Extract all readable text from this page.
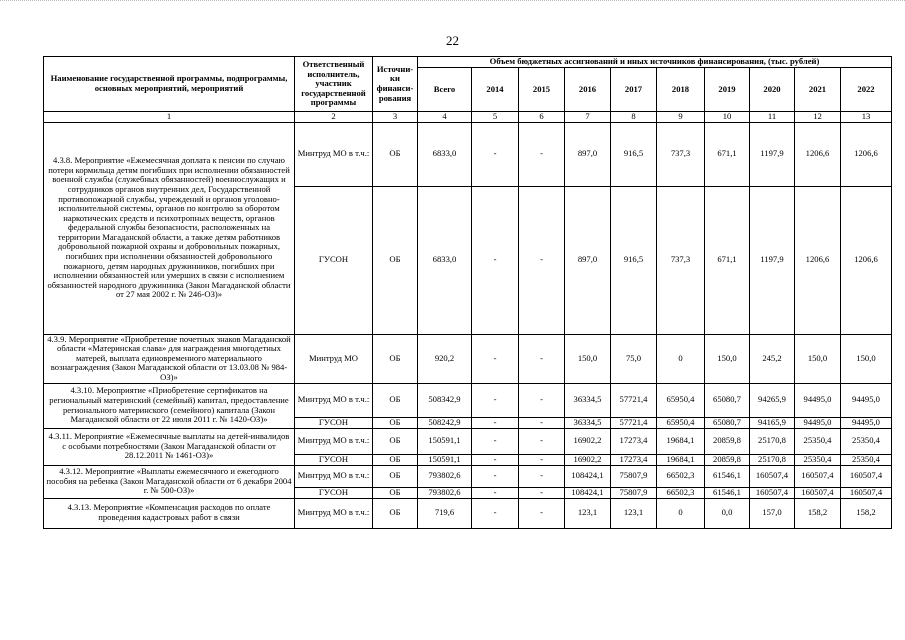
22
Наименование государственной программы, подпрограммы, основных мероприятий, мероприятий	Ответственный исполнитель, участник государственной программы	Источни-ки финанси-рования	Объем бюджетных ассигнований и иных источников финансирования, (тыс. рублей)									
			Всего	2014	2015	2016	2017	2018	2019	2020	2021	2022
1	2	3	4	5	6	7	8	9	10	11	12	13
4.3.8. Мероприятие «Ежемесячная доплата к пенсии по случаю потери кормильца детям погибших при исполнении обязанностей военной службы (служебных обязанностей) военнослужащих и сотрудников органов внутренних дел, Государственной противопожарной службы, учреждений и органов уголовно-исполнительной системы, органов по контролю за оборотом наркотических средств и психотропных веществ, органов федеральной службы безопасности, расположенных на территории Магаданской области, а также детям работников добровольной пожарной охраны и добровольных пожарных, погибших при исполнении обязанностей добровольного пожарного, детям народных дружинников, погибших при исполнении обязанностей или умерших в связи с исполнением обязанностей народного дружинника (Закон Магаданской области от 27 мая 2002 г. № 246-ОЗ)»	Минтруд МО в т.ч.:	ОБ	6833,0	-	-	897,0	916,5	737,3	671,1	1197,9	1206,6	1206,6
	ГУСОН	ОБ	6833,0	-	-	897,0	916,5	737,3	671,1	1197,9	1206,6	1206,6
4.3.9. Мероприятие «Приобретение почетных знаков Магаданской области «Материнская слава» для награждения многодетных матерей, выплата единовременного материального вознаграждения (Закон Магаданской области от 13.03.08 № 984-ОЗ)»	Минтруд МО	ОБ	920,2	-	-	150,0	75,0	0	150,0	245,2	150,0	150,0
4.3.10. Мероприятие «Приобретение сертификатов на региональный материнский (семейный) капитал, предоставление регионального материнского (семейного) капитала (Закон Магаданской области от 22 июля 2011 г. № 1420-ОЗ)»	Минтруд МО в т.ч.:	ОБ	508342,9	-	-	36334,5	57721,4	65950,4	65080,7	94265,9	94495,0	94495,0
	ГУСОН	ОБ	508242,9	-	-	36334,5	57721,4	65950,4	65080,7	94165,9	94495,0	94495,0
4.3.11. Мероприятие «Ежемесячные выплаты на детей-инвалидов с особыми потребностями (Закон Магаданской области от 28.12.2011 № 1461-ОЗ)»	Минтруд МО в т.ч.:	ОБ	150591,1	-	-	16902,2	17273,4	19684,1	20859,8	25170,8	25350,4	25350,4
	ГУСОН	ОБ	150591,1	-	-	16902,2	17273,4	19684,1	20859,8	25170,8	25350,4	25350,4
4.3.12. Мероприятие «Выплаты ежемесячного и ежегодного пособия на ребенка (Закон Магаданской области от 6 декабря 2004 г. № 500-ОЗ)»	Минтруд МО в т.ч.:	ОБ	793802,6	-	-	108424,1	75807,9	66502,3	61546,1	160507,4	160507,4	160507,4
	ГУСОН	ОБ	793802,6	-	-	108424,1	75807,9	66502,3	61546,1	160507,4	160507,4	160507,4
4.3.13. Мероприятие «Компенсация расходов по оплате проведения кадастровых работ в связи	Минтруд МО в т.ч.:	ОБ	719,6	-	-	123,1	123,1	0	0,0	157,0	158,2	158,2
